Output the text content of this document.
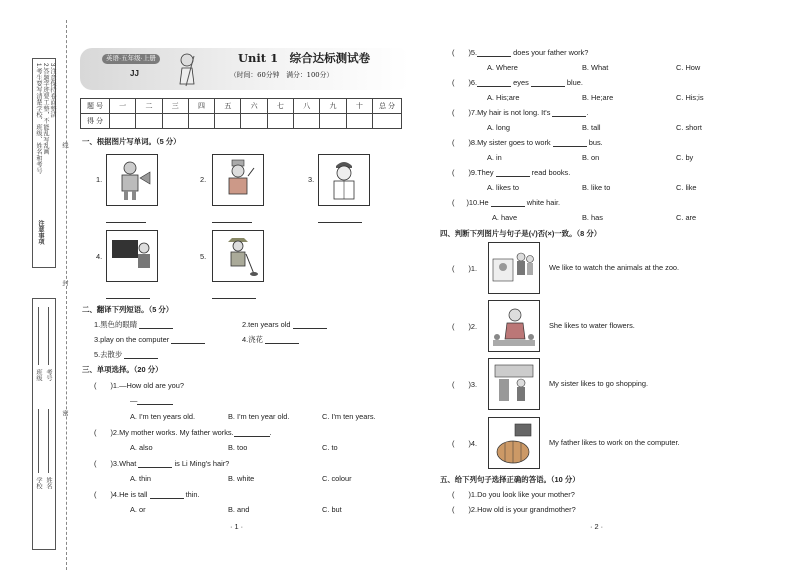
1.考生要写清楚学校、班级、姓名和考号 2.答题字迹要工整，不能乱写乱画 3.注意保持卷面整洁
注意事项
线
封
密
学校 姓名
班级 考号
英语·五年级·上册
JJ
Unit 1　综合达标测试卷
（时间：60分钟　满分：100分）
题 号	一	二	三	四	五	六	七	八	九	十	总 分
得 分											
一、根据图片写单词。（5 分）
1.	2.	3.
4.	5.
二、翻译下列短语。（5 分）
1.黑色的眼睛	2.ten years old
3.play on the computer	4.浇花
5.去散步
三、单项选择。（20 分）
( )1.—How old are you?
—
A. I'm ten years old.	B. I'm ten year old.	C. I'm ten years.
( )2.My mother works. My father works.	.
A. also	B. too	C. to
( )3.What	is Li Ming's hair?
A. thin	B. white	C. colour
( )4.He is tall	thin.
A. or	B. and	C. but
· 1 ·
( )5.	does your father work?
A. Where	B. What	C. How
( )6.	eyes	blue.
A. His;are	B. He;are	C. His;is
( )7.My hair is not long. It's	.
A. long	B. tall	C. short
( )8.My sister goes to work	bus.
A. in	B. on	C. by
( )9.They	read books.
A. likes to	B. like to	C. like
( )10.He	white hair.
A. have	B. has	C. are
四、判断下列图片与句子是(√)否(×)一致。（8 分）
( )1.	We like to watch the animals at the zoo.
( )2.	She likes to water flowers.
( )3.	My sister likes to go shopping.
( )4.	My father likes to work on the computer.
五、给下列句子选择正确的答语。（10 分）
( )1.Do you look like your mother?
( )2.How old is your grandmother?
· 2 ·
